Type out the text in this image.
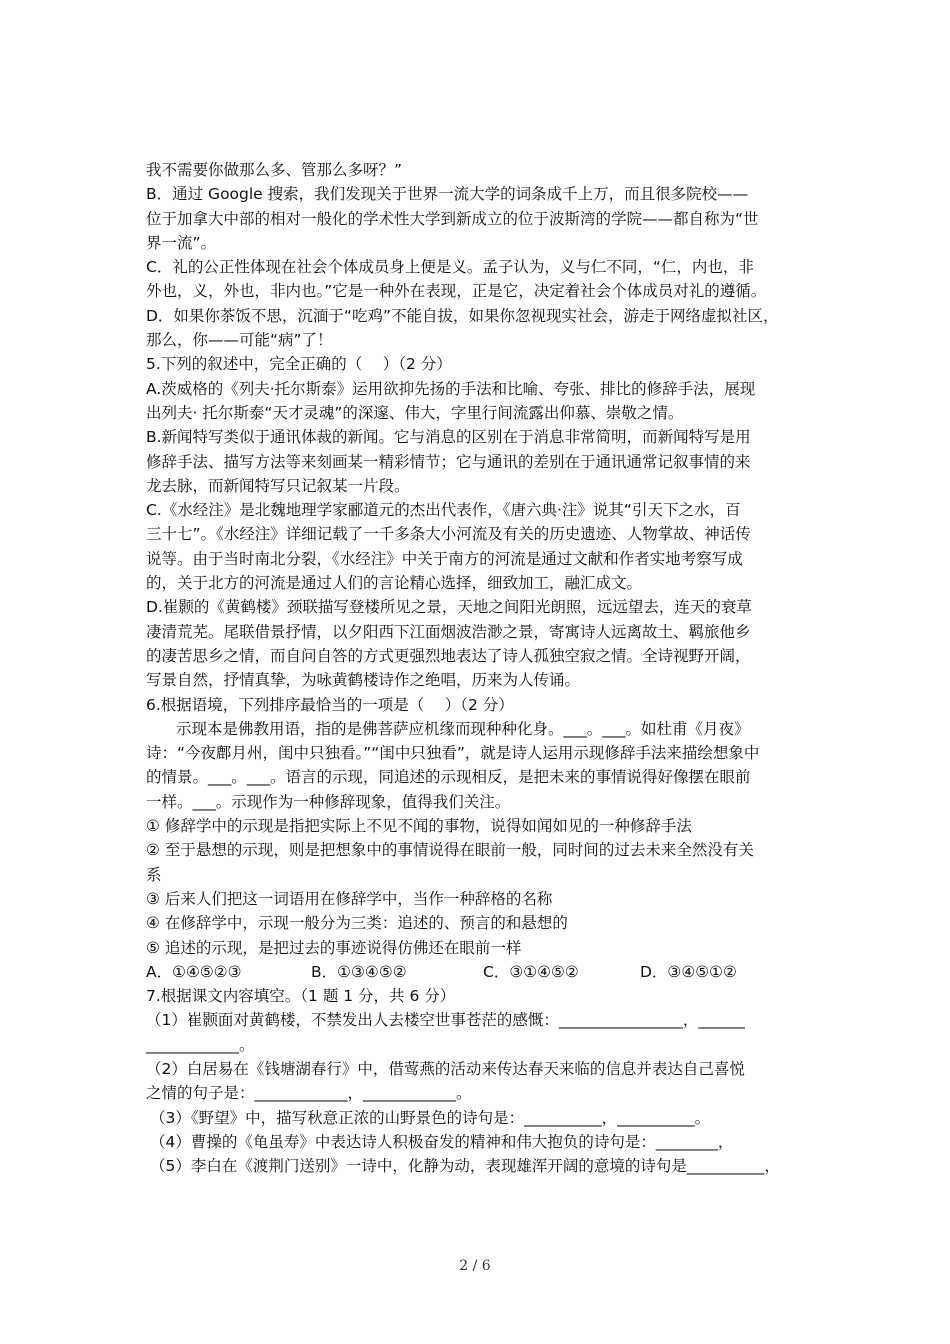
我不需要你做那么多、管那么多呀？”
B．通过 Google 搜索，我们发现关于世界一流大学的词条成千上万，而且很多院校——
位于加拿大中部的相对一般化的学术性大学到新成立的位于波斯湾的学院——都自称为“世
界一流”。
C．礼的公正性体现在社会个体成员身上便是义。孟子认为，义与仁不同，“仁，内也，非
外也，义，外也，非内也。”它是一种外在表现，正是它，决定着社会个体成员对礼的遵循。
D．如果你茶饭不思，沉湎于“吃鸡”不能自拔，如果你忽视现实社会，游走于网络虚拟社区，
那么，你——可能“病”了！
5.下列的叙述中，完全正确的（　 ）（2 分）
A.茨威格的《列夫·托尔斯泰》运用欲抑先扬的手法和比喻、夸张、排比的修辞手法，展现
出列夫· 托尔斯泰“天才灵魂”的深邃、伟大，字里行间流露出仰慕、崇敬之情。
B.新闻特写类似于通讯体裁的新闻。它与消息的区别在于消息非常简明，而新闻特写是用
修辞手法、描写方法等来刻画某一精彩情节；它与通讯的差别在于通讯通常记叙事情的来
龙去脉，而新闻特写只记叙某一片段。
C.《水经注》是北魏地理学家郦道元的杰出代表作，《唐六典·注》说其“引天下之水，百
三十七”。《水经注》详细记载了一千多条大小河流及有关的历史遗迹、人物掌故、神话传
说等。由于当时南北分裂，《水经注》中关于南方的河流是通过文献和作者实地考察写成
的，关于北方的河流是通过人们的言论精心选择，细致加工，融汇成文。
D.崔颢的《黄鹤楼》颈联描写登楼所见之景，天地之间阳光朗照，远远望去，连天的衰草
凄清荒芜。尾联借景抒情，以夕阳西下江面烟波浩渺之景，寄寓诗人远离故土、羁旅他乡
的凄苦思乡之情，而自问自答的方式更强烈地表达了诗人孤独空寂之情。全诗视野开阔，
写景自然，抒情真挚，为咏黄鹤楼诗作之绝唱，历来为人传诵。
6.根据语境，下列排序最恰当的一项是（　 ）（2 分）
示现本是佛教用语，指的是佛菩萨应机缘而现种种化身。___。___。如杜甫《月夜》
诗：“今夜鄜月州，闺中只独看。”“闺中只独看”，就是诗人运用示现修辞手法来描绘想象中
的情景。___。___。语言的示现，同追述的示现相反，是把未来的事情说得好像摆在眼前
一样。___。示现作为一种修辞现象，值得我们关注。
① 修辞学中的示现是指把实际上不见不闻的事物，说得如闻如见的一种修辞手法
② 至于悬想的示现，则是把想象中的事情说得在眼前一般，同时间的过去未来全然没有关
系
③ 后来人们把这一词语用在修辞学中，当作一种辞格的名称
④ 在修辞学中，示现一般分为三类：追述的、预言的和悬想的
⑤ 追述的示现，是把过去的事迹说得仿佛还在眼前一样
A．①④⑤②③	B．①③④⑤②	C．③①④⑤②	D．③④⑤①②
7.根据课文内容填空。（1 题 1 分，共 6 分）
（1）崔颢面对黄鹤楼，不禁发出人去楼空世事苍茫的感慨：________________，______
____________。
（2）白居易在《钱塘湖春行》中，借莺燕的活动来传达春天来临的信息并表达自己喜悦
之情的句子是：____________，____________。
（3）《野望》中，描写秋意正浓的山野景色的诗句是：__________，__________。
（4）曹操的《龟虽寿》中表达诗人积极奋发的精神和伟大抱负的诗句是：________，
（5）李白在《渡荆门送别》一诗中，化静为动，表现雄浑开阔的意境的诗句是__________，
2 / 6
